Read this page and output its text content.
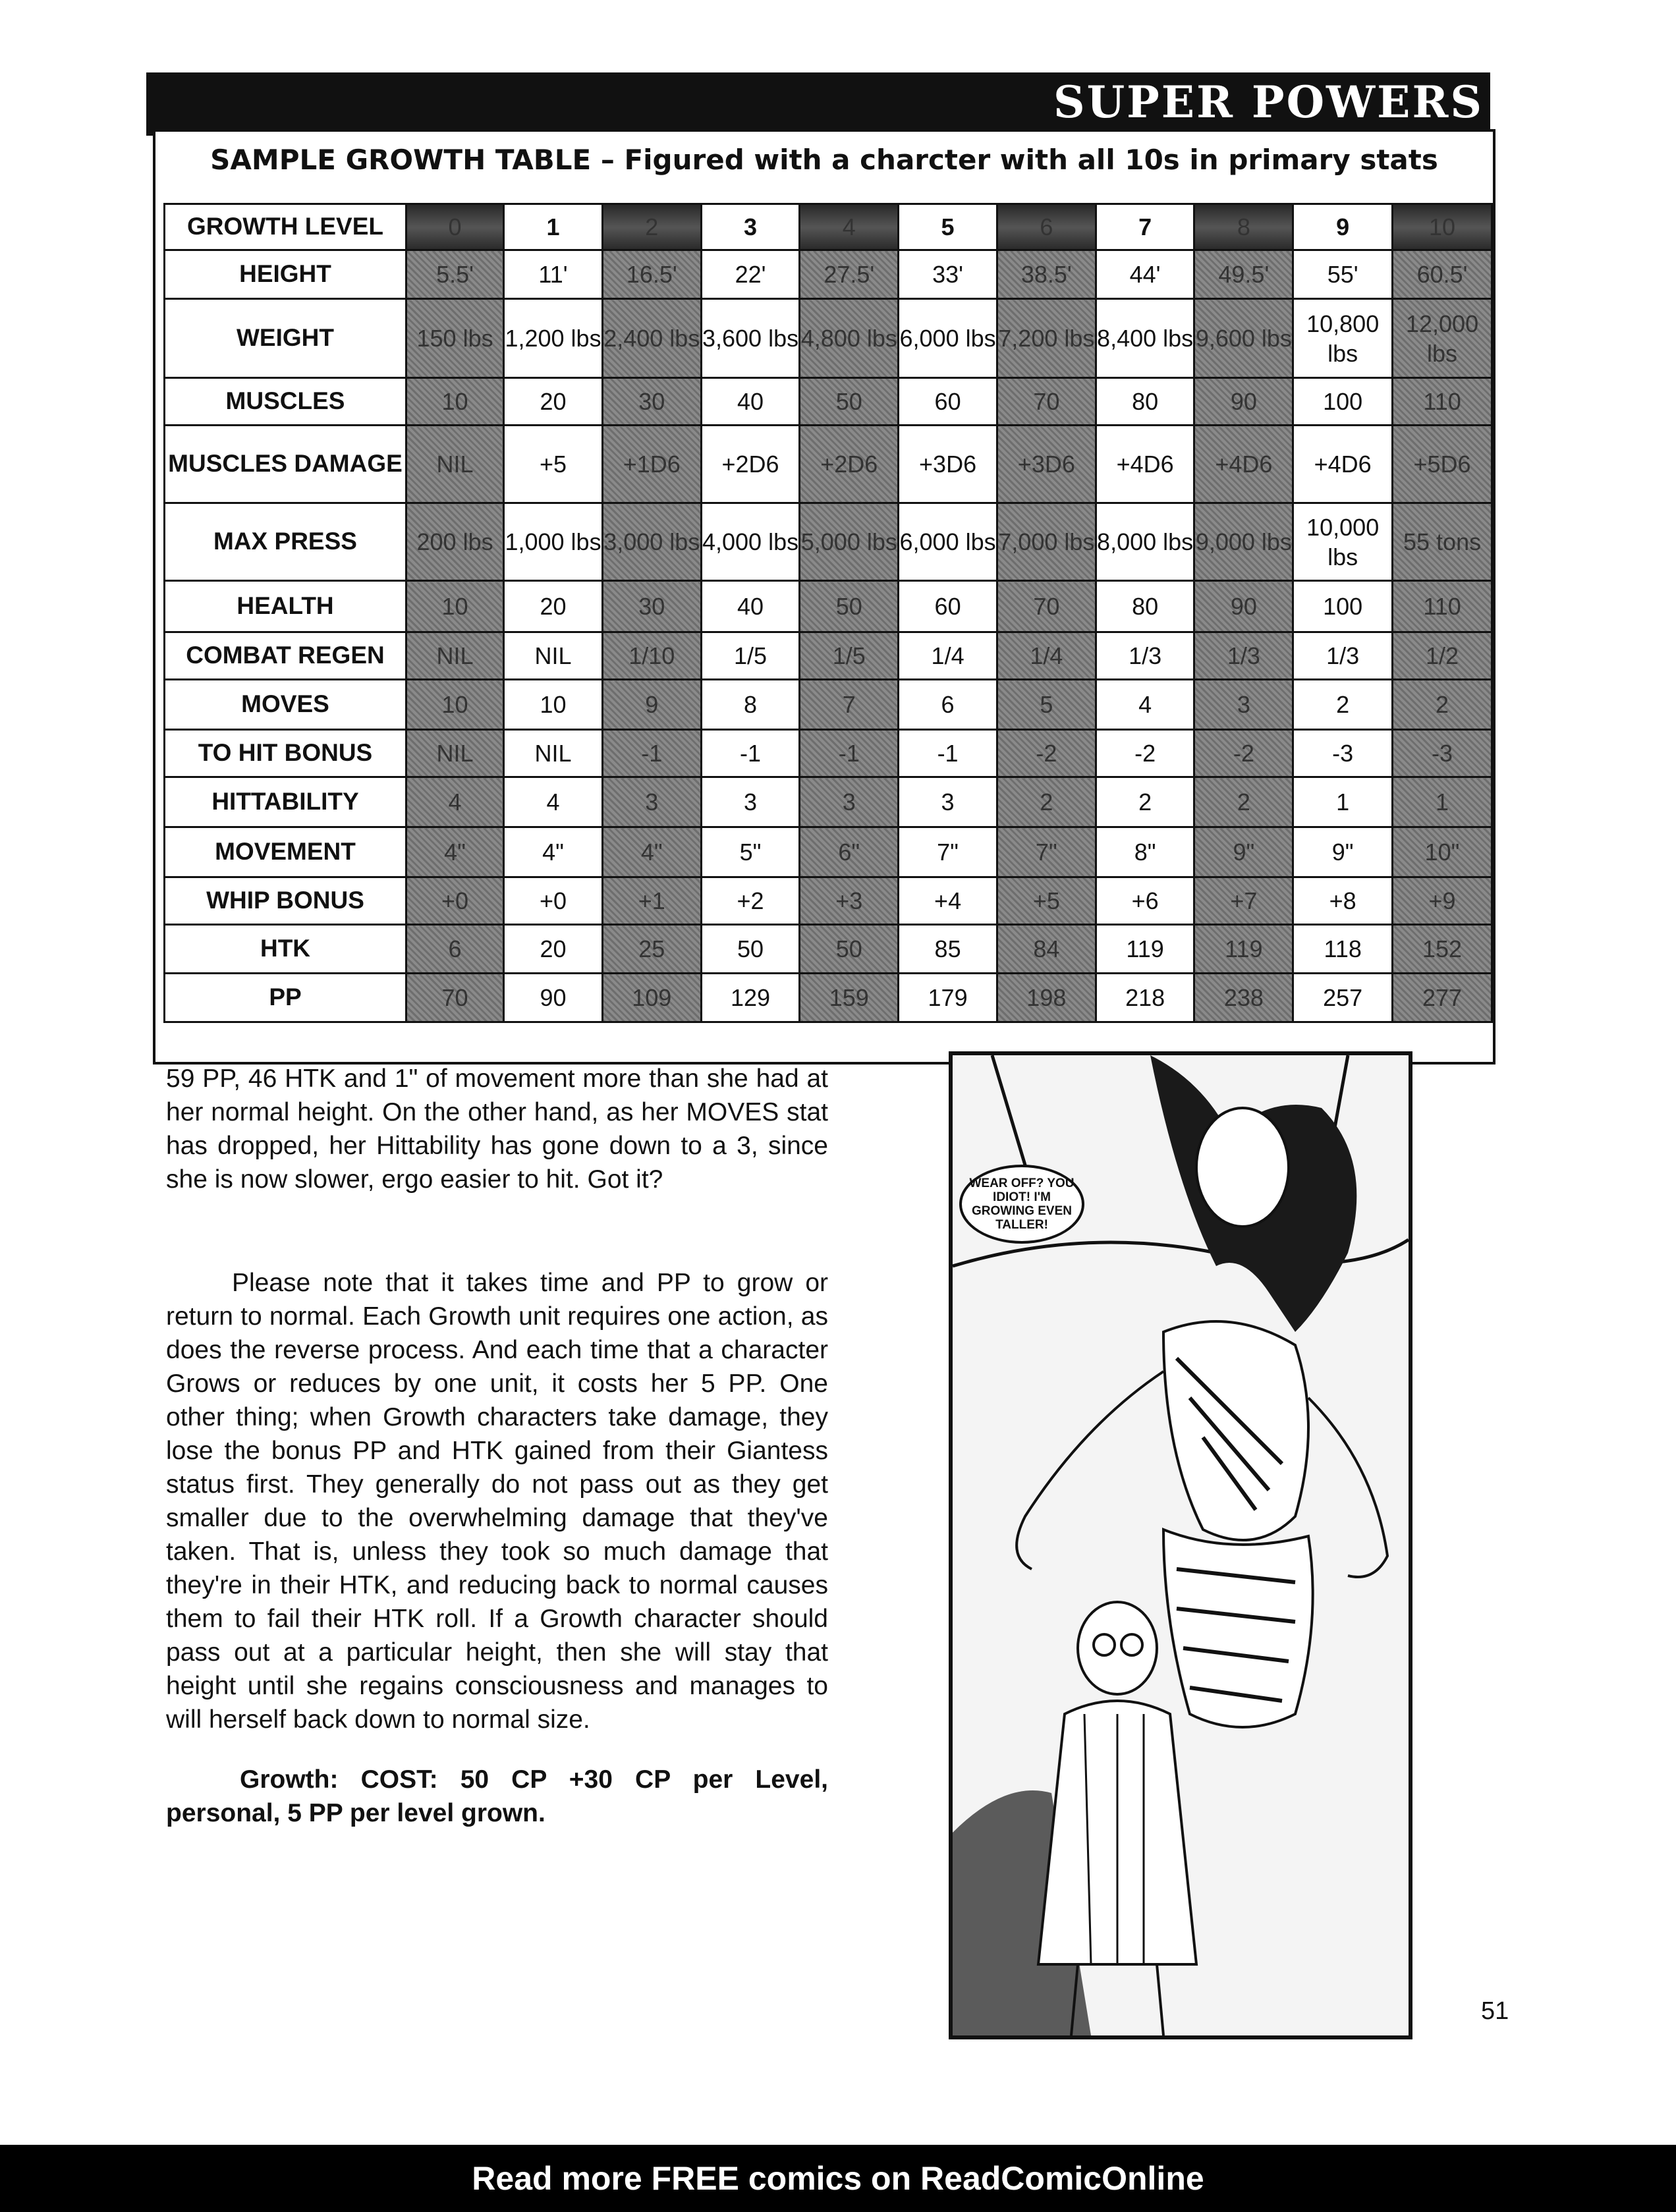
SUPER POWERS
SAMPLE GROWTH TABLE – Figured with a charcter with all 10s in primary stats
GROWTH LEVEL	0	1	2	3	4	5	6	7	8	9	10
HEIGHT	5.5'	11'	16.5'	22'	27.5'	33'	38.5'	44'	49.5'	55'	60.5'
WEIGHT	150 lbs	1,200 lbs	2,400 lbs	3,600 lbs	4,800 lbs	6,000 lbs	7,200 lbs	8,400 lbs	9,600 lbs	10,800 lbs	12,000 lbs
MUSCLES	10	20	30	40	50	60	70	80	90	100	110
MUSCLES DAMAGE	NIL	+5	+1D6	+2D6	+2D6	+3D6	+3D6	+4D6	+4D6	+4D6	+5D6
MAX PRESS	200 lbs	1,000 lbs	3,000 lbs	4,000 lbs	5,000 lbs	6,000 lbs	7,000 lbs	8,000 lbs	9,000 lbs	10,000 lbs	55 tons
HEALTH	10	20	30	40	50	60	70	80	90	100	110
COMBAT REGEN	NIL	NIL	1/10	1/5	1/5	1/4	1/4	1/3	1/3	1/3	1/2
MOVES	10	10	9	8	7	6	5	4	3	2	2
TO HIT BONUS	NIL	NIL	-1	-1	-1	-1	-2	-2	-2	-3	-3
HITTABILITY	4	4	3	3	3	3	2	2	2	1	1
MOVEMENT	4"	4"	4"	5"	6"	7"	7"	8"	9"	9"	10"
WHIP BONUS	+0	+0	+1	+2	+3	+4	+5	+6	+7	+8	+9
HTK	6	20	25	50	50	85	84	119	119	118	152
PP	70	90	109	129	159	179	198	218	238	257	277
59 PP, 46 HTK and 1" of movement more than she had at her normal height. On the other hand, as her MOVES stat has dropped, her Hittability has gone down to a 3, since she is now slower, ergo easier to hit. Got it?
Please note that it takes time and PP to grow or return to normal. Each Growth unit requires one action, as does the reverse process. And each time that a character Grows or reduces by one unit, it costs her 5 PP. One other thing; when Growth characters take damage, they lose the bonus PP and HTK gained from their Giantess status first. They generally do not pass out as they get smaller due to the overwhelming damage that they've taken. That is, unless they took so much damage that they're in their HTK, and reducing back to normal causes them to fail their HTK roll. If a Growth character should pass out at a particular height, then she will stay that height until she regains consciousness and manages to will herself back down to normal size.
Growth: COST: 50 CP +30 CP per Level, personal, 5 PP per level grown.
WEAR OFF? YOU IDIOT! I'M GROWING EVEN TALLER!
51
Read more FREE comics on ReadComicOnline
